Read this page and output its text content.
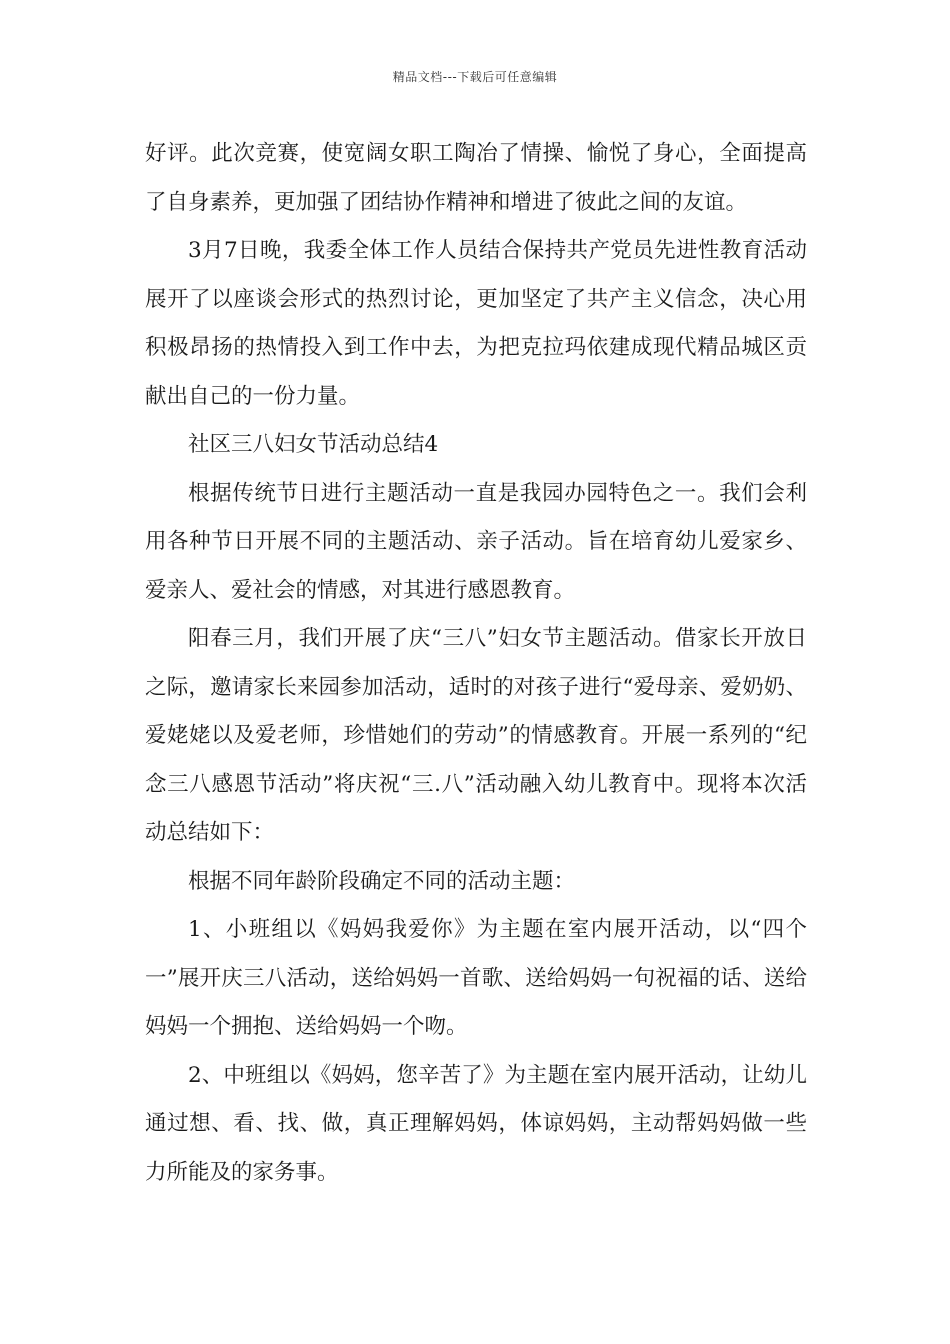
精品文档---下载后可任意编辑

好评。此次竞赛，使宽阔女职工陶冶了情操、愉悦了身心，全面提高了自身素养，更加强了团结协作精神和增进了彼此之间的友谊。

3月7日晚，我委全体工作人员结合保持共产党员先进性教育活动展开了以座谈会形式的热烈讨论，更加坚定了共产主义信念，决心用积极昂扬的热情投入到工作中去，为把克拉玛依建成现代精品城区贡献出自己的一份力量。

社区三八妇女节活动总结4

根据传统节日进行主题活动一直是我园办园特色之一。我们会利用各种节日开展不同的主题活动、亲子活动。旨在培育幼儿爱家乡、爱亲人、爱社会的情感，对其进行感恩教育。

阳春三月，我们开展了庆“三八”妇女节主题活动。借家长开放日之际，邀请家长来园参加活动，适时的对孩子进行“爱母亲、爱奶奶、爱姥姥以及爱老师，珍惜她们的劳动”的情感教育。开展一系列的“纪念三八感恩节活动”将庆祝“三.八”活动融入幼儿教育中。现将本次活动总结如下：

根据不同年龄阶段确定不同的活动主题：

1、小班组以《妈妈我爱你》为主题在室内展开活动，以“四个一”展开庆三八活动，送给妈妈一首歌、送给妈妈一句祝福的话、送给妈妈一个拥抱、送给妈妈一个吻。

2、中班组以《妈妈，您辛苦了》为主题在室内展开活动，让幼儿通过想、看、找、做，真正理解妈妈，体谅妈妈，主动帮妈妈做一些力所能及的家务事。
